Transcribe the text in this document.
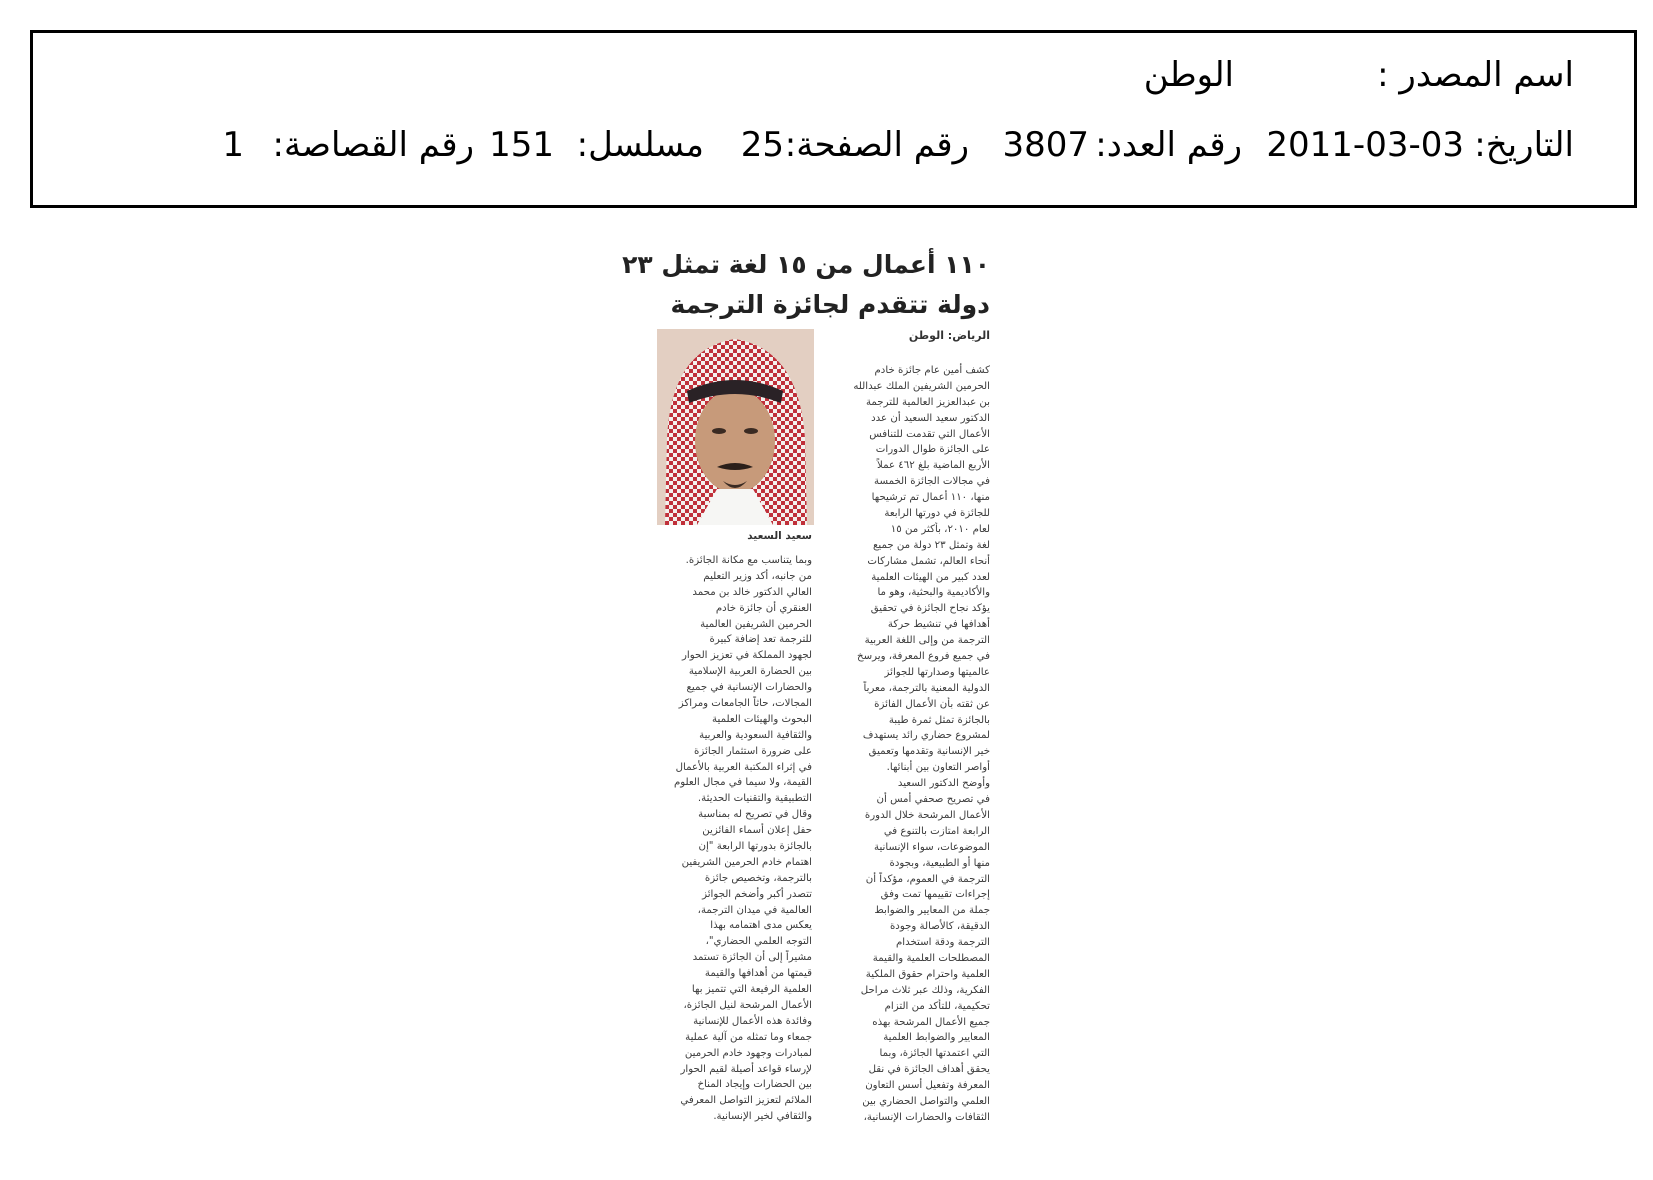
اسم المصدر :
الوطن
التاريخ:
2011-03-03
رقم العدد:
3807
رقم الصفحة:
25
مسلسل:
151
رقم القصاصة:
1
١١٠ أعمال من ١٥ لغة تمثل ٢٣
دولة تتقدم لجائزة الترجمة
الرياض: الوطن
سعيد السعيد
كشف أمين عام جائزة خادم
الحرمين الشريفين الملك عبدالله
بن عبدالعزيز العالمية للترجمة
الدكتور سعيد السعيد أن عدد
الأعمال التي تقدمت للتنافس
على الجائزة طوال الدورات
الأربع الماضية بلغ ٤٦٢ عملاً
في مجالات الجائزة الخمسة
منها، ١١٠ أعمال تم ترشيحها
للجائزة في دورتها الرابعة
لعام ٢٠١٠، بأكثر من ١٥
لغة وتمثل ٢٣ دولة من جميع
أنحاء العالم، تشمل مشاركات
لعدد كبير من الهيئات العلمية
والأكاديمية والبحثية، وهو ما
يؤكد نجاح الجائزة في تحقيق
أهدافها في تنشيط حركة
الترجمة من وإلى اللغة العربية
في جميع فروع المعرفة، ويرسخ
عالميتها وصدارتها للجوائز
الدولية المعنية بالترجمة، معرباً
عن ثقته بأن الأعمال الفائزة
بالجائزة تمثل ثمرة طيبة
لمشروع حضاري رائد يستهدف
خير الإنسانية وتقدمها وتعميق
أواصر التعاون بين أبنائها.
وأوضح الدكتور السعيد
في تصريح صحفي أمس أن
الأعمال المرشحة خلال الدورة
الرابعة امتازت بالتنوع في
الموضوعات، سواء الإنسانية
منها أو الطبيعية، وبجودة
الترجمة في العموم، مؤكداً أن
إجراءات تقييمها تمت وفق
جملة من المعايير والضوابط
الدقيقة، كالأصالة وجودة
الترجمة ودقة استخدام
المصطلحات العلمية والقيمة
العلمية واحترام حقوق الملكية
الفكرية، وذلك عبر ثلاث مراحل
تحكيمية، للتأكد من التزام
جميع الأعمال المرشحة بهذه
المعايير والضوابط العلمية
التي اعتمدتها الجائزة، وبما
يحقق أهداف الجائزة في نقل
المعرفة وتفعيل أسس التعاون
العلمي والتواصل الحضاري بين
الثقافات والحضارات الإنسانية،
وبما يتناسب مع مكانة الجائزة.
من جانبه، أكد وزير التعليم
العالي الدكتور خالد بن محمد
العنقري أن جائزة خادم
الحرمين الشريفين العالمية
للترجمة تعد إضافة كبيرة
لجهود المملكة في تعزيز الحوار
بين الحضارة العربية الإسلامية
والحضارات الإنسانية في جميع
المجالات، حاثاً الجامعات ومراكز
البحوث والهيئات العلمية
والثقافية السعودية والعربية
على ضرورة استثمار الجائزة
في إثراء المكتبة العربية بالأعمال
القيمة، ولا سيما في مجال العلوم
التطبيقية والتقنيات الحديثة.
وقال في تصريح له بمناسبة
حفل إعلان أسماء الفائزين
بالجائزة بدورتها الرابعة "إن
اهتمام خادم الحرمين الشريفين
بالترجمة، وتخصيص جائزة
تتصدر أكبر وأضخم الجوائز
العالمية في ميدان الترجمة،
يعكس مدى اهتمامه بهذا
التوجه العلمي الحضاري"،
مشيراً إلى أن الجائزة تستمد
قيمتها من أهدافها والقيمة
العلمية الرفيعة التي تتميز بها
الأعمال المرشحة لنيل الجائزة،
وفائدة هذه الأعمال للإنسانية
جمعاء وما تمثله من آلية عملية
لمبادرات وجهود خادم الحرمين
لإرساء قواعد أصيلة لقيم الحوار
بين الحضارات وإيجاد المناخ
الملائم لتعزيز التواصل المعرفي
والثقافي لخير الإنسانية.
